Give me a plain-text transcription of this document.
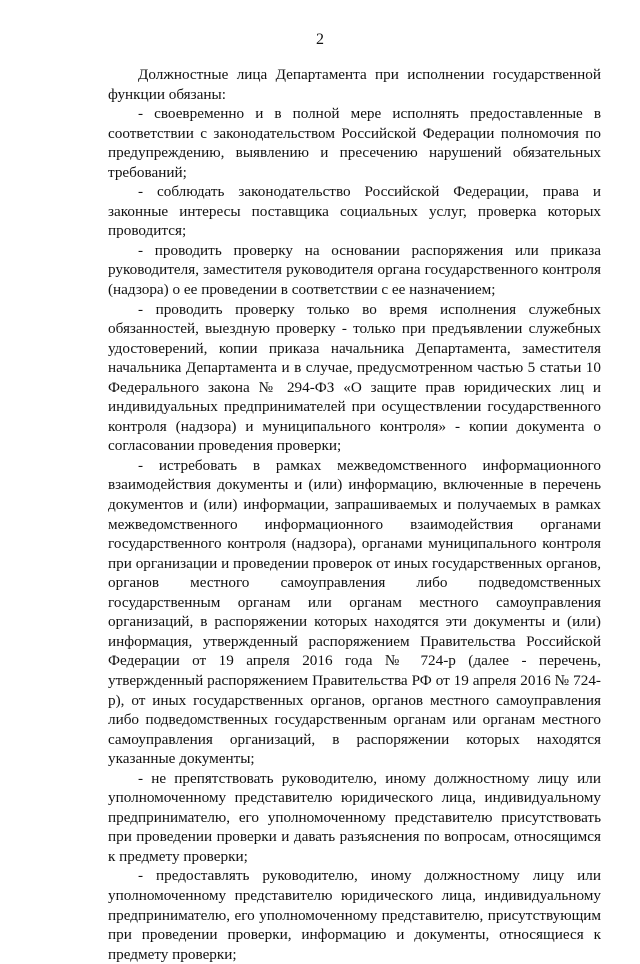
2

Должностные лица Департамента при исполнении государственной функции обязаны:

- своевременно и в полной мере исполнять предоставленные в соответствии с законодательством Российской Федерации полномочия по предупреждению, выявлению и пресечению нарушений обязательных требований;

- соблюдать законодательство Российской Федерации, права и законные интересы поставщика социальных услуг, проверка которых проводится;

- проводить проверку на основании распоряжения или приказа руководителя, заместителя руководителя органа государственного контроля (надзора) о ее проведении в соответствии с ее назначением;

- проводить проверку только во время исполнения служебных обязанностей, выездную проверку - только при предъявлении служебных удостоверений, копии приказа начальника Департамента, заместителя начальника Департамента и в случае, предусмотренном частью 5 статьи 10 Федерального закона № 294-ФЗ «О защите прав юридических лиц и индивидуальных предпринимателей при осуществлении государственного контроля (надзора) и муниципального контроля» - копии документа о согласовании проведения проверки;

- истребовать в рамках межведомственного информационного взаимодействия документы и (или) информацию, включенные в перечень документов и (или) информации, запрашиваемых и получаемых в рамках межведомственного информационного взаимодействия органами государственного контроля (надзора), органами муниципального контроля при организации и проведении проверок от иных государственных органов, органов местного самоуправления либо подведомственных государственным органам или органам местного самоуправления организаций, в распоряжении которых находятся эти документы и (или) информация, утвержденный распоряжением Правительства Российской Федерации от 19 апреля 2016 года № 724-р (далее - перечень, утвержденный распоряжением Правительства РФ от 19 апреля 2016 № 724-р), от иных государственных органов, органов местного самоуправления либо подведомственных государственным органам или органам местного самоуправления организаций, в распоряжении которых находятся указанные документы;

- не препятствовать руководителю, иному должностному лицу или уполномоченному представителю юридического лица, индивидуальному предпринимателю, его уполномоченному представителю присутствовать при проведении проверки и давать разъяснения по вопросам, относящимся к предмету проверки;

- предоставлять руководителю, иному должностному лицу или уполномоченному представителю юридического лица, индивидуальному предпринимателю, его уполномоченному представителю, присутствующим при проведении проверки, информацию и документы, относящиеся к предмету проверки;
